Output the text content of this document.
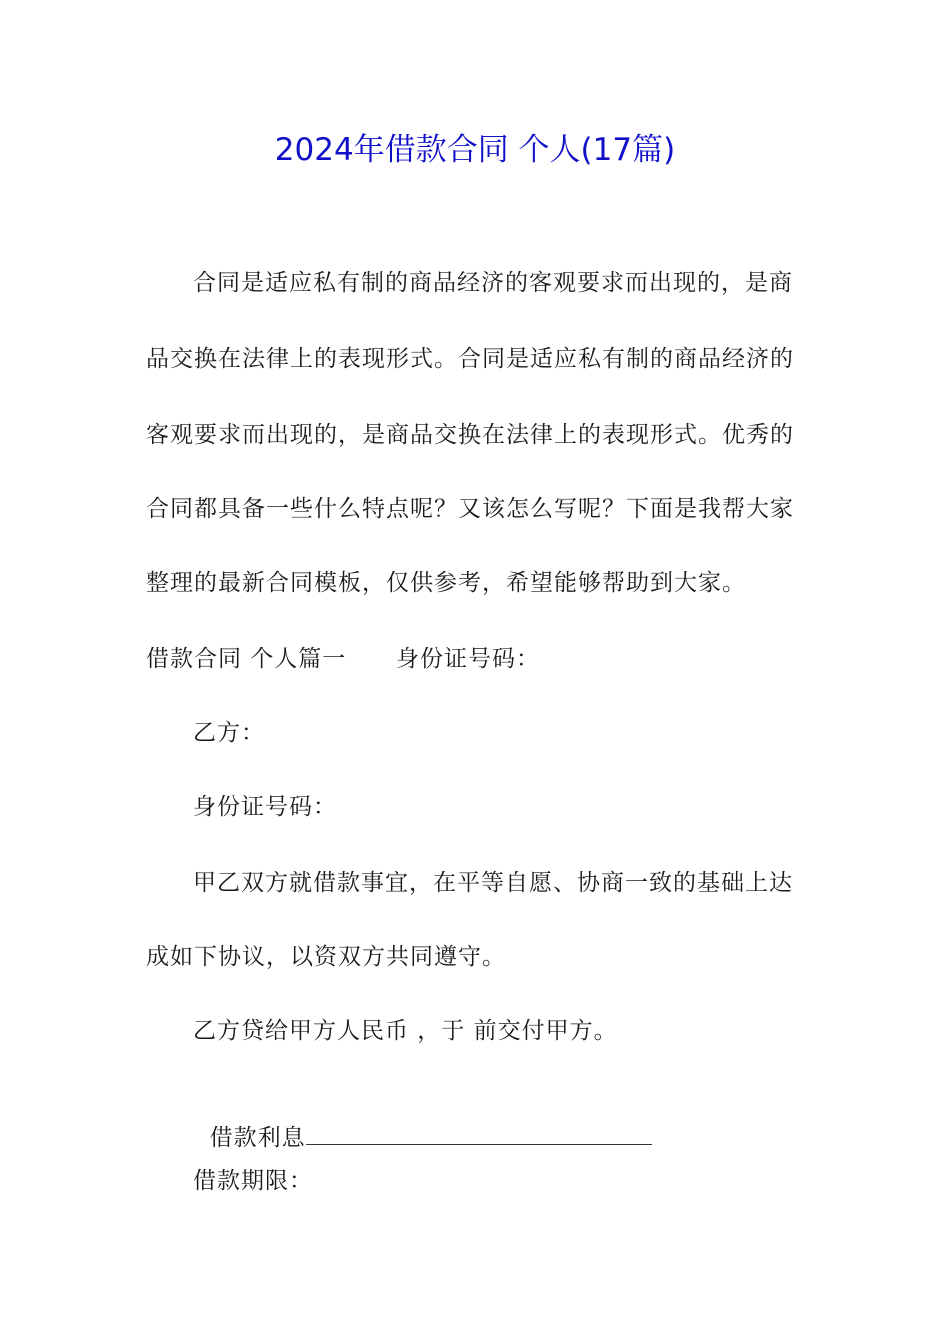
2024年借款合同 个人(17篇)
合同是适应私有制的商品经济的客观要求而出现的，是商
品交换在法律上的表现形式。合同是适应私有制的商品经济的
客观要求而出现的，是商品交换在法律上的表现形式。优秀的
合同都具备一些什么特点呢？又该怎么写呢？下面是我帮大家
整理的最新合同模板，仅供参考，希望能够帮助到大家。
借款合同 个人篇一 身份证号码：
乙方：
身份证号码：
甲乙双方就借款事宜，在平等自愿、协商一致的基础上达
成如下协议，以资双方共同遵守。
乙方贷给甲方人民币 ，于 前交付甲方。

借款利息

借款期限：
